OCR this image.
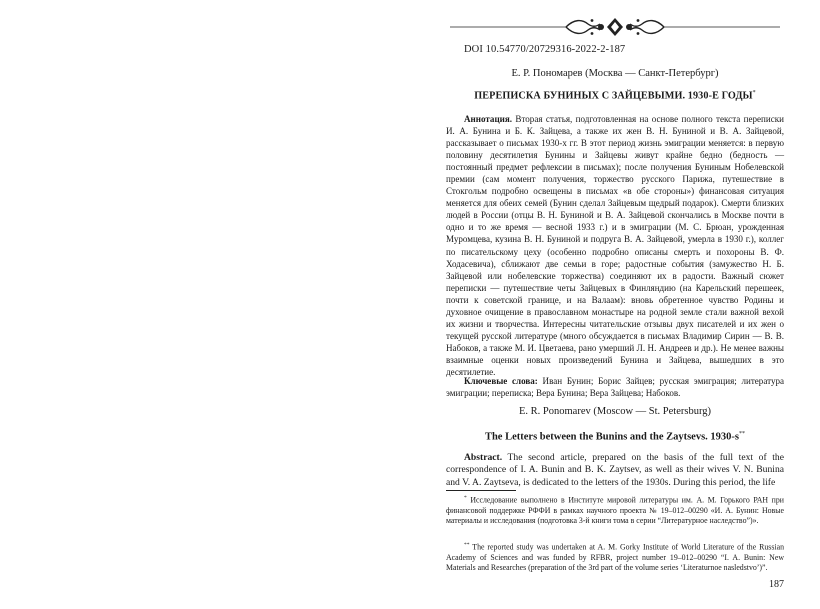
DOI 10.54770/20729316-2022-2-187
Е. Р. Пономарев (Москва — Санкт-Петербург)
ПЕРЕПИСКА БУНИНЫХ С ЗАЙЦЕВЫМИ. 1930-Е ГОДЫ*
Аннотация. Вторая статья, подготовленная на основе полного текста переписки И. А. Бунина и Б. К. Зайцева, а также их жен В. Н. Буниной и В. А. Зайцевой, рассказывает о письмах 1930-х гг. В этот период жизнь эмиграции меняется: в первую половину десятилетия Бунины и Зайцевы живут крайне бедно (бедность — постоянный предмет рефлексии в письмах); после получения Буниным Нобелевской премии (сам момент получения, торжество русского Парижа, путешествие в Стокгольм подробно освещены в письмах «в обе стороны») финансовая ситуация меняется для обеих семей (Бунин сделал Зайцевым щедрый подарок). Смерти близких людей в России (отцы В. Н. Буниной и В. А. Зайцевой скончались в Москве почти в одно и то же время — весной 1933 г.) и в эмиграции (М. С. Брюан, урожденная Муромцева, кузина В. Н. Буниной и подруга В. А. Зайцевой, умерла в 1930 г.), коллег по писательскому цеху (особенно подробно описаны смерть и похороны В. Ф. Ходасевича), сближают две семьи в горе; радостные события (замужество Н. Б. Зайцевой или нобелевские торжества) соединяют их в радости. Важный сюжет переписки — путешествие четы Зайцевых в Финляндию (на Карельский перешеек, почти к советской границе, и на Валаам): вновь обретенное чувство Родины и духовное очищение в православном монастыре на родной земле стали важной вехой их жизни и творчества. Интересны читательские отзывы двух писателей и их жен о текущей русской литературе (много обсуждается в письмах Владимир Сирин — В. В. Набоков, а также М. И. Цветаева, рано умерший Л. Н. Андреев и др.). Не менее важны взаимные оценки новых произведений Бунина и Зайцева, вышедших в это десятилетие.
Ключевые слова: Иван Бунин; Борис Зайцев; русская эмиграция; литература эмиграции; переписка; Вера Бунина; Вера Зайцева; Набоков.
E. R. Ponomarev (Moscow — St. Petersburg)
The Letters between the Bunins and the Zaytsevs. 1930-s**
Abstract. The second article, prepared on the basis of the full text of the correspondence of I. A. Bunin and B. K. Zaytsev, as well as their wives V. N. Bunina and V. A. Zaytseva, is dedicated to the letters of the 1930s. During this period, the life
* Исследование выполнено в Институте мировой литературы им. А. М. Горького РАН при финансовой поддержке РФФИ в рамках научного проекта № 19–012–00290 «И. А. Бунин: Новые материалы и исследования (подготовка 3-й книги тома в серии “Литературное наследство”)».
** The reported study was undertaken at A. M. Gorky Institute of World Literature of the Russian Academy of Sciences and was funded by RFBR, project number 19–012–00290 “I. A. Bunin: New Materials and Researches (preparation of the 3rd part of the volume series ‘Literaturnoe nasledstvo’)”.
187
